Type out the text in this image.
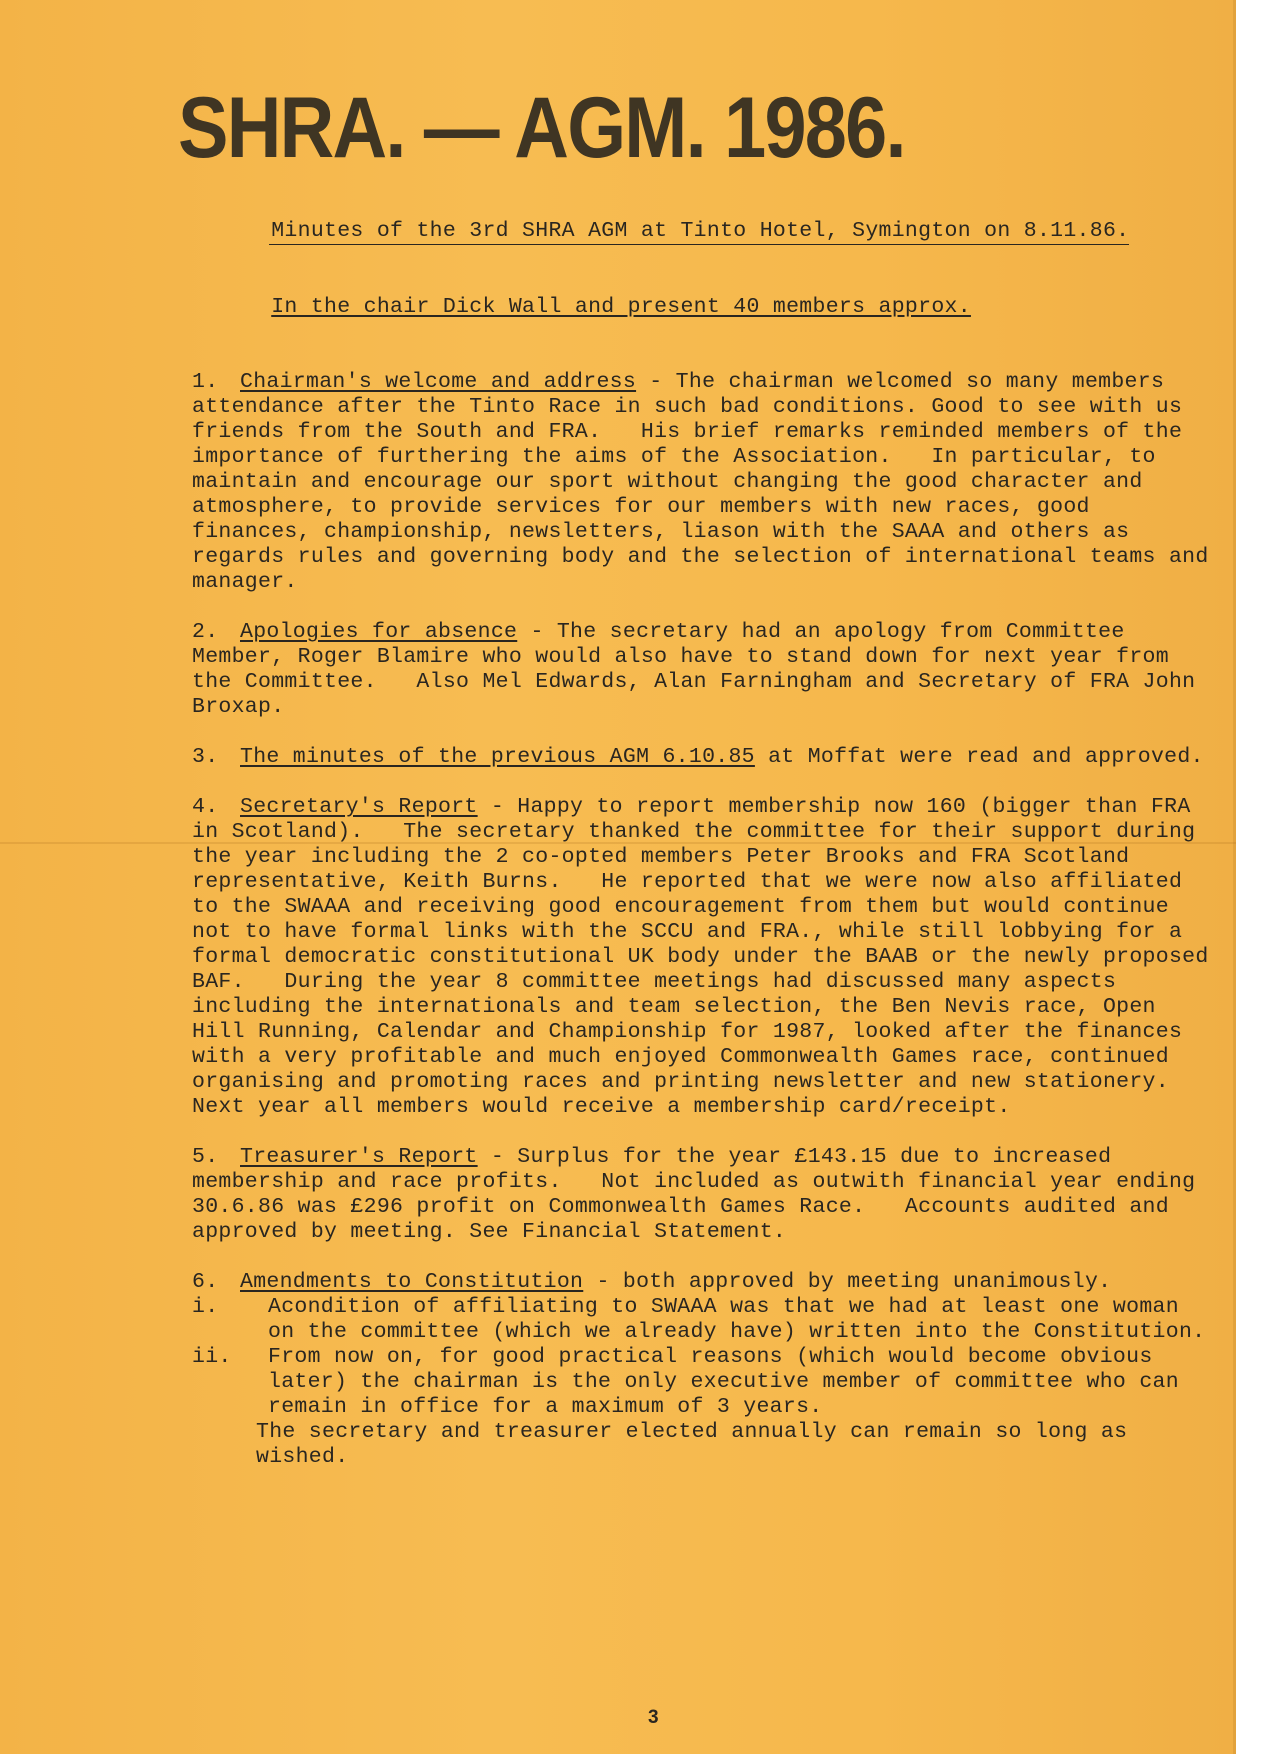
SHRA. — AGM. 1986.

Minutes of the 3rd SHRA AGM at Tinto Hotel, Symington on 8.11.86.

In the chair Dick Wall and present 40 members approx.

1. Chairman's welcome and address - The chairman welcomed so many members attendance after the Tinto Race in such bad conditions. Good to see with us friends from the South and FRA.   His brief remarks reminded members of the importance of furthering the aims of the Association.   In particular, to maintain and encourage our sport without changing the good character and atmosphere, to provide services for our members with new races, good finances, championship, newsletters, liason with the SAAA and others as regards rules and governing body and the selection of international teams and manager.

2. Apologies for absence - The secretary had an apology from Committee Member, Roger Blamire who would also have to stand down for next year from the Committee.   Also Mel Edwards, Alan Farningham and Secretary of FRA John Broxap.

3. The minutes of the previous AGM 6.10.85 at Moffat were read and approved.

4. Secretary's Report - Happy to report membership now 160 (bigger than FRA in Scotland).   The secretary thanked the committee for their support during the year including the 2 co-opted members Peter Brooks and FRA Scotland representative, Keith Burns.   He reported that we were now also affiliated to the SWAAA and receiving good encouragement from them but would continue not to have formal links with the SCCU and FRA., while still lobbying for a formal democratic constitutional UK body under the BAAB or the newly proposed BAF.   During the year 8 committee meetings had discussed many aspects including the internationals and team selection, the Ben Nevis race, Open Hill Running, Calendar and Championship for 1987, looked after the finances with a very profitable and much enjoyed Commonwealth Games race, continued organising and promoting races and printing newsletter and new stationery.   Next year all members would receive a membership card/receipt.

5. Treasurer's Report - Surplus for the year £143.15 due to increased membership and race profits.   Not included as outwith financial year ending 30.6.86 was £296 profit on Commonwealth Games Race.   Accounts audited and approved by meeting. See Financial Statement.

6. Amendments to Constitution - both approved by meeting unanimously.

i.	Acondition of affiliating to SWAAA was that we had at least one woman on the committee (which we already have) written into the Constitution.
ii.	From now on, for good practical reasons (which would become obvious later) the chairman is the only executive member of committee who can remain in office for a maximum of 3 years.

The secretary and treasurer elected annually can remain so long as wished.

3
